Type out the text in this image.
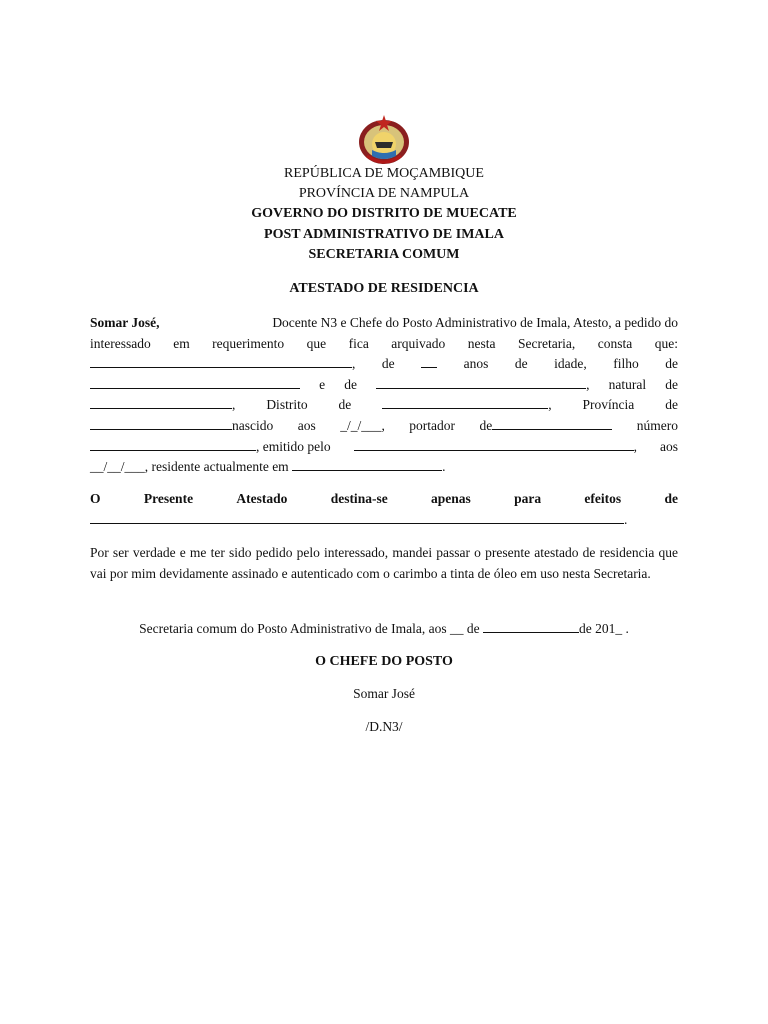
REPÚBLICA DE MOÇAMBIQUE
PROVÍNCIA DE NAMPULA
GOVERNO DO DISTRITO DE MUECATE
POST ADMINISTRATIVO DE IMALA
SECRETARIA COMUM
ATESTADO DE RESIDENCIA
Somar José,	Docente N3 e Chefe do Posto Administrativo de Imala, Atesto, a pedido do
interessado em requerimento que fica arquivado nesta Secretaria, consta que:
, de	anos de idade, filho de
e de	, natural de
, Distrito de	, Província de
nascido aos _/_/___, portador de	número
, emitido pelo	, aos
__/__/___, residente actualmente em	.
O	Presente	Atestado	destina-se	apenas	para	efeitos	de
.
Por ser verdade e me ter sido pedido pelo interessado, mandei passar o presente atestado de residencia que vai por mim devidamente assinado e autenticado com o carimbo a tinta de óleo em uso nesta Secretaria.
Secretaria comum do Posto Administrativo de Imala, aos __ de	de 201_ .
O CHEFE DO POSTO
Somar José
/D.N3/
